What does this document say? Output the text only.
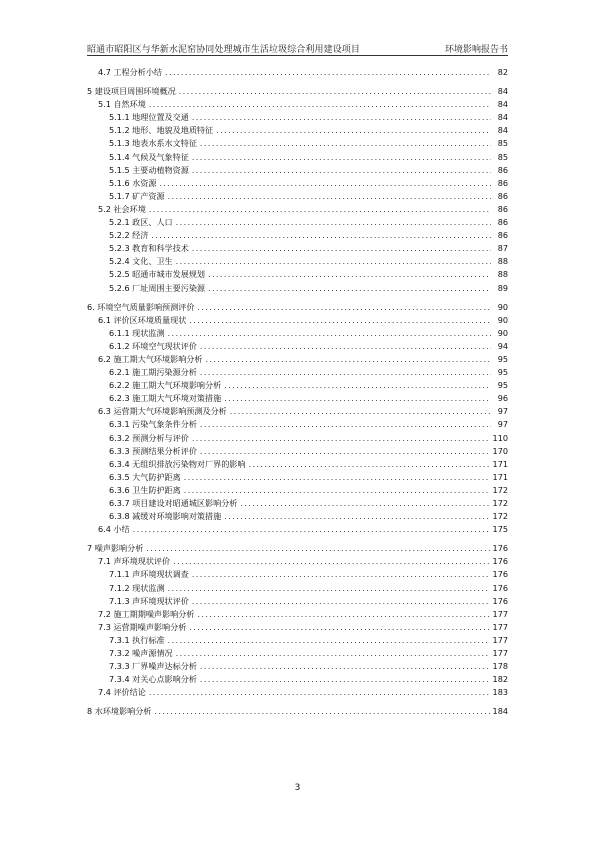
昭通市昭阳区与华新水泥窑协同处理城市生活垃圾综合利用建设项目	环境影响报告书
4.7 工程分析小结 .....	82
5 建设项目周围环境概况 .....	84
5.1 自然环境 .....	84
5.1.1 地理位置及交通 .....	84
5.1.2 地形、地貌及地质特征 .....	84
5.1.3 地表水系水文特征 .....	85
5.1.4 气候及气象特征 .....	85
5.1.5 主要动植物资源 .....	86
5.1.6 水资源 .....	86
5.1.7 矿产资源 .....	86
5.2 社会环境 .....	86
5.2.1 政区、人口 .....	86
5.2.2 经济 .....	86
5.2.3 教育和科学技术 .....	87
5.2.4 文化、卫生 .....	88
5.2.5 昭通市城市发展规划 .....	88
5.2.6 厂址周围主要污染源 .....	89
6. 环境空气质量影响预测评价 .....	90
6.1 评价区环境质量现状 .....	90
6.1.1 现状监测 .....	90
6.1.2 环境空气现状评价 .....	94
6.2 施工期大气环境影响分析 .....	95
6.2.1 施工期污染源分析 .....	95
6.2.2 施工期大气环境影响分析 .....	95
6.2.3 施工期大气环境对策措施 .....	96
6.3 运营期大气环境影响预测及分析 .....	97
6.3.1 污染气象条件分析 .....	97
6.3.2 预测分析与评价 .....	110
6.3.3 预测结果分析评价 .....	170
6.3.4 无组织排放污染物对厂界的影响 .....	171
6.3.5 大气防护距离 .....	171
6.3.6 卫生防护距离 .....	172
6.3.7 项目建设对昭通城区影响分析 .....	172
6.3.8 减缓对环境影响对策措施 .....	172
6.4 小结 .....	175
7 噪声影响分析 .....	176
7.1 声环境现状评价 .....	176
7.1.1 声环境现状调查 .....	176
7.1.2 现状监测 .....	176
7.1.3 声环境现状评价 .....	176
7.2 施工期期噪声影响分析 .....	177
7.3 运营期噪声影响分析 .....	177
7.3.1 执行标准 .....	177
7.3.2 噪声源情况 .....	177
7.3.3 厂界噪声达标分析 .....	178
7.3.4 对关心点影响分析 .....	182
7.4 评价结论 .....	183
8 水环境影响分析 .....	184
3
